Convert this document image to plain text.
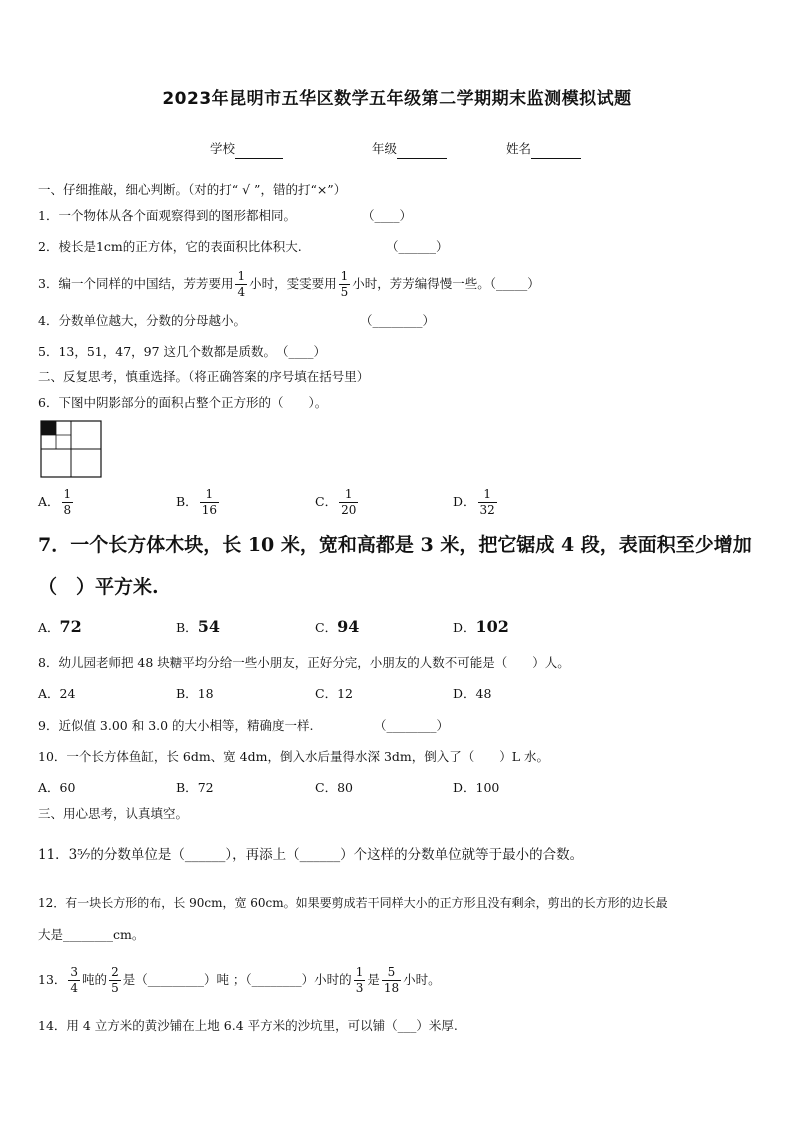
2023年昆明市五华区数学五年级第二学期期末监测模拟试题
学校	年级	姓名
一、仔细推敲，细心判断。（对的打“ √ ”，错的打“×”）
1．一个物体从各个面观察得到的图形都相同。	（____）
2．棱长是1cm的正方体，它的表面积比体积大.	（______）
3．编一个同样的中国结，芳芳要用 $\frac{1}{4}$ 小时，雯雯要用 $\frac{1}{5}$ 小时，芳芳编得慢一些。（_____）
4．分数单位越大，分数的分母越小。	（________）
5．13，51，47，97 这几个数都是质数。　（____）
二、反复思考，慎重选择。（将正确答案的序号填在括号里）
6．下图中阴影部分的面积占整个正方形的（　　）。
A． $\frac{1}{8}$	B． $\frac{1}{16}$	C． $\frac{1}{20}$	D． $\frac{1}{32}$
7．一个长方体木块，长 10 米，宽和高都是 3 米，把它锯成 4 段，表面积至少增加
（　）平方米.
A．72	B．54	C．94	D．102
8．幼儿园老师把 48 块糖平均分给一些小朋友，正好分完，小朋友的人数不可能是（　　）人。
A．24	B．18	C．12	D．48
9．近似值 3.00 和 3.0 的大小相等，精确度一样.	（________）
10．一个长方体鱼缸，长 6dm、宽 4dm，倒入水后量得水深 3dm，倒入了（　　）L 水。
A．60	B．72	C．80	D．100
三、用心思考，认真填空。
11．3⁵⁄₇的分数单位是（______），再添上（______）个这样的分数单位就等于最小的合数。
12．有一块长方形的布，长 90cm，宽 60cm。如果要剪成若干同样大小的正方形且没有剩余，剪出的长方形的边长最
大是________cm。
13． $\frac{3}{4}$ 吨的 $\frac{2}{5}$ 是（_________）吨 ；（________）小时的 $\frac{1}{3}$ 是 $\frac{5}{18}$ 小时。
14．用 4 立方米的黄沙铺在上地 6.4 平方米的沙坑里，可以铺（___）米厚.
